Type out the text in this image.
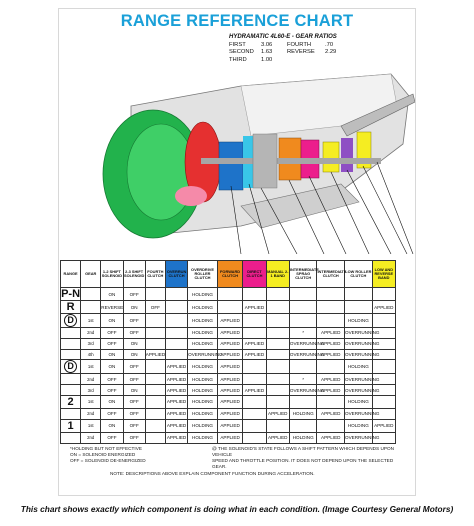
RANGE REFERENCE CHART
HYDRAMATIC 4L60-E - GEAR RATIOS
FIRST	3.06	FOURTH	.70
SECOND	1.63	REVERSE	2.29
THIRD	1.00
RANGE	GEAR	1-2 SHIFT SOLENOID	2-3 SHIFT SOLENOID	FOURTH CLUTCH	OVERRUN CLUTCH	OVERDRIVE ROLLER CLUTCH	FORWARD CLUTCH	DIRECT CLUTCH	MANUAL 2-1 BAND	INTERMEDIATE SPRAG CLUTCH	INTERMEDIATE CLUTCH	LOW ROLLER CLUTCH	LOW AND REVERSE BAND
P-N		ON	OFF			HOLDING							
R		REVERSE	ON	OFF		HOLDING		APPLIED					APPLIED
D	1st	ON	OFF			HOLDING	APPLIED					HOLDING	
	2nd	OFF	OFF			HOLDING	APPLIED			*	APPLIED	OVERRUNNING	
	3rd	OFF	ON			HOLDING	APPLIED	APPLIED		OVERRUNNING	APPLIED	OVERRUNNING	
	4th	ON	ON	APPLIED		OVERRUNNING	APPLIED	APPLIED		OVERRUNNING	APPLIED	OVERRUNNING	
D	1st	ON	OFF		APPLIED	HOLDING	APPLIED					HOLDING	
	2nd	OFF	OFF		APPLIED	HOLDING	APPLIED			*	APPLIED	OVERRUNNING	
	3rd	OFF	ON		APPLIED	HOLDING	APPLIED	APPLIED		OVERRUNNING	APPLIED	OVERRUNNING	
2	1st	ON	OFF		APPLIED	HOLDING	APPLIED					HOLDING	
	2nd	OFF	OFF		APPLIED	HOLDING	APPLIED		APPLIED	HOLDING	APPLIED	OVERRUNNING	
1	1st	ON	OFF		APPLIED	HOLDING	APPLIED					HOLDING	APPLIED
	2nd	OFF	OFF		APPLIED	HOLDING	APPLIED		APPLIED	HOLDING	APPLIED	OVERRUNNING	
*HOLDING BUT NOT EFFECTIVE
ON = SOLENOID ENERGIZED
OFF = SOLENOID DE-ENERGIZED
@ THE SOLENOID'S STATE FOLLOWS A SHIFT PATTERN WHICH DEPENDS UPON VEHICLE
SPEED AND THROTTLE POSITION. IT DOES NOT DEPEND UPON THE SELECTED GEAR.
NOTE: DESCRIPTIONS ABOVE EXPLAIN COMPONENT FUNCTION DURING ACCELERATION.
This chart shows exactly which component is doing what in each condition. (Image Courtesy General Motors)
